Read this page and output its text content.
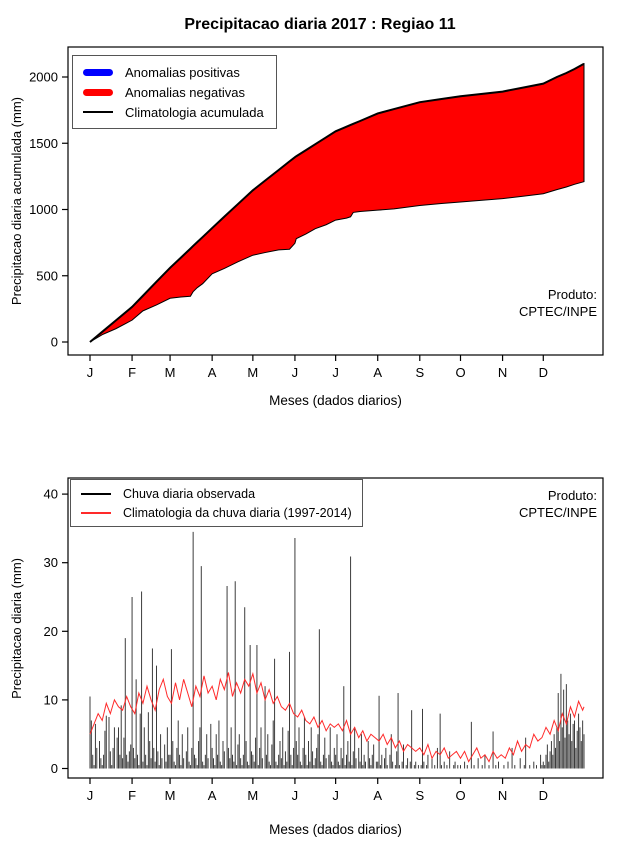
Precipitacao diaria 2017 : Regiao 11
0
500
1000
1500
2000
J	F M A M	J	J	A	S O N D
0
10
20
30
40
J	F M A M	J	J	A	S O N D
Precipitacao diaria acumulada (mm)
Meses (dados diarios)
Anomalias positivas
Anomalias negativas
Climatologia acumulada
Produto:
CPTEC/INPE
Precipitacao diaria (mm)
Meses (dados diarios)
Chuva diaria observada
Climatologia da chuva diaria (1997-2014)
Produto:
CPTEC/INPE
